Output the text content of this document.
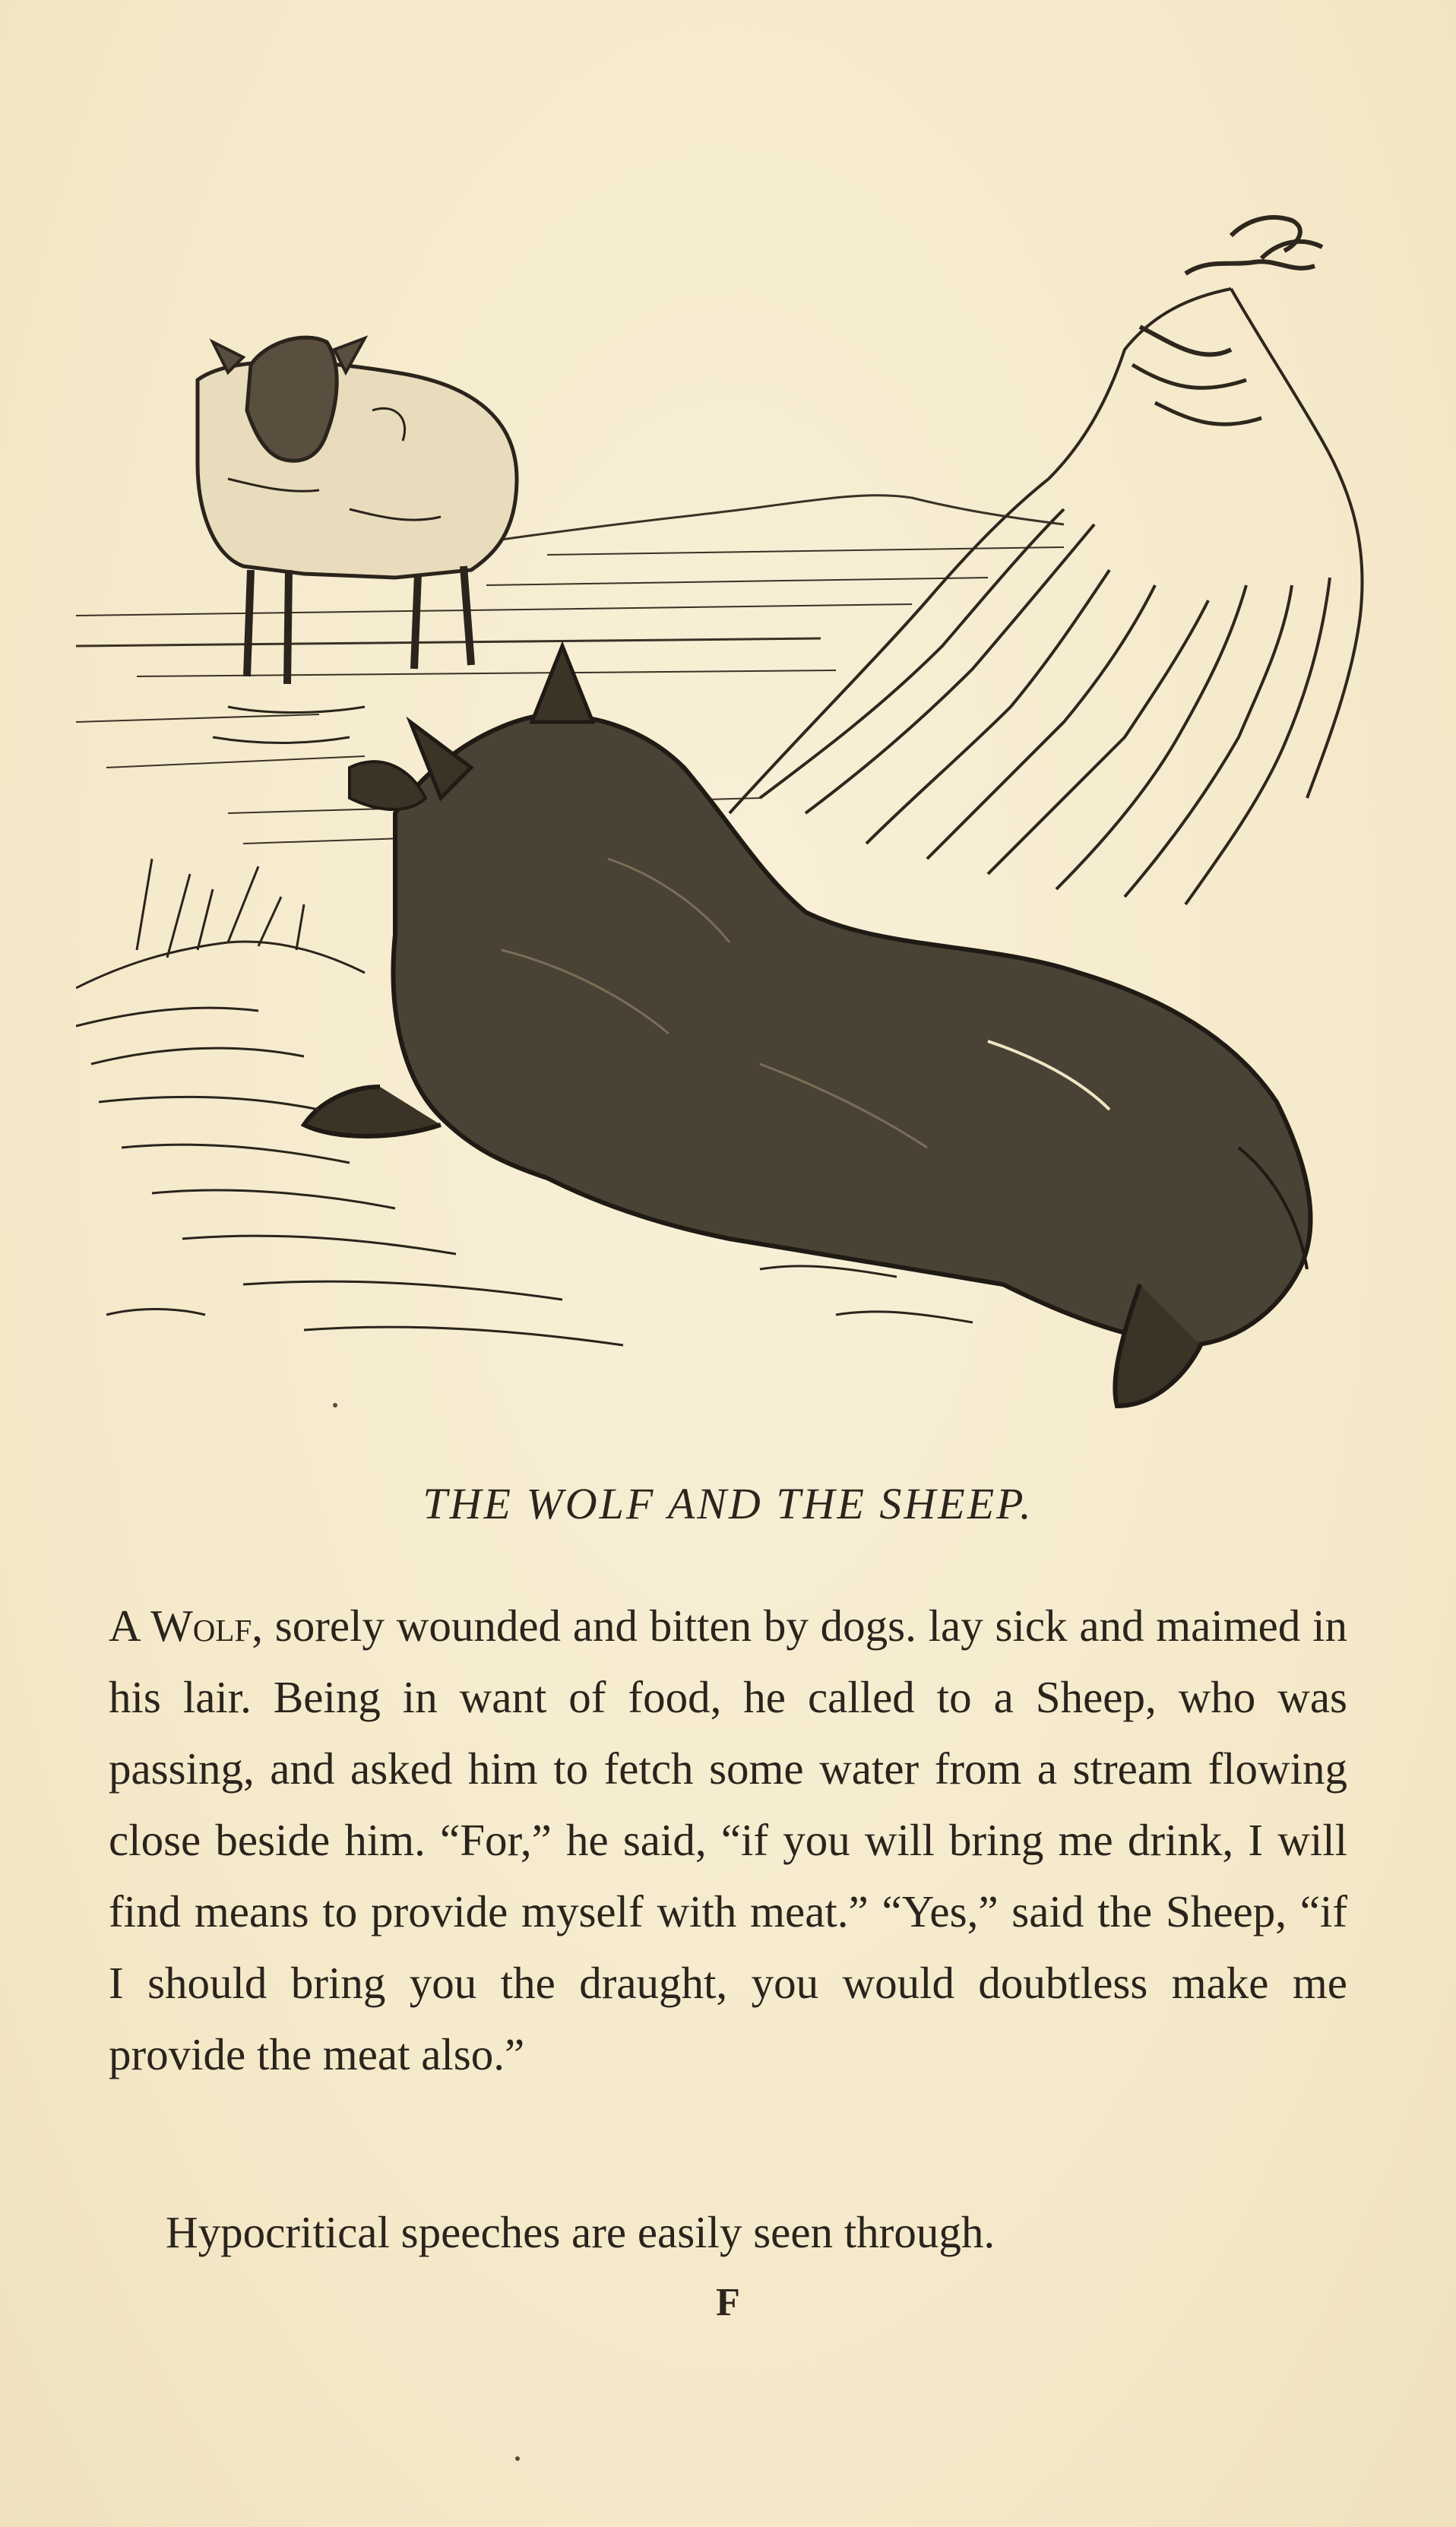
THE WOLF AND THE SHEEP.

A Wolf, sorely wounded and bitten by dogs. lay sick and maimed in his lair. Being in want of food, he called to a Sheep, who was passing, and asked him to fetch some water from a stream flowing close beside him. “For,” he said, “if you will bring me drink, I will find means to provide myself with meat.” “Yes,” said the Sheep, “if I should bring you the draught, you would doubtless make me provide the meat also.”

Hypocritical speeches are easily seen through.
F
